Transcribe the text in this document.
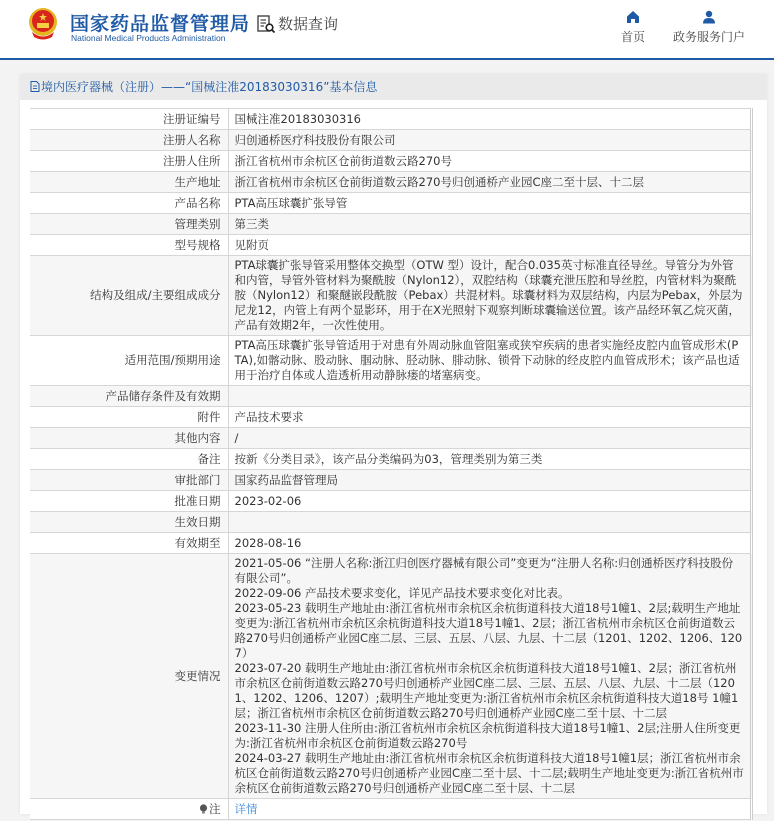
国家药品监督管理局
National Medical Products Administration
数据查询
首页 政务服务门户
境内医疗器械（注册）——“国械注准20183030316”基本信息
注册证编号	国械注准20183030316
注册人名称	归创通桥医疗科技股份有限公司
注册人住所	浙江省杭州市余杭区仓前街道数云路270号
生产地址	浙江省杭州市余杭区仓前街道数云路270号归创通桥产业园C座二至十层、十二层
产品名称	PTA高压球囊扩张导管
管理类别	第三类
型号规格	见附页
结构及组成/主要组成成分	PTA球囊扩张导管采用整体交换型（OTW 型）设计，配合0.035英寸标准直径导丝。导管分为外管和内管，导管外管材料为聚酰胺（Nylon12），双腔结构（球囊充泄压腔和导丝腔，内管材料为聚酰胺（Nylon12）和聚醚嵌段酰胺（Pebax）共混材料。球囊材料为双层结构，内层为Pebax，外层为尼龙12，内管上有两个显影环，用于在X光照射下观察判断球囊输送位置。该产品经环氧乙烷灭菌，产品有效期2年，一次性使用。
适用范围/预期用途	PTA高压球囊扩张导管适用于对患有外周动脉血管阻塞或狭窄疾病的患者实施经皮腔内血管成形术(PTA),如髂动脉、股动脉、腘动脉、胫动脉、腓动脉、锁骨下动脉的经皮腔内血管成形术；该产品也适用于治疗自体或人造透析用动静脉瘘的堵塞病变。
产品储存条件及有效期	
附件	产品技术要求
其他内容	/
备注	按新《分类目录》，该产品分类编码为03，管理类别为第三类
审批部门	国家药品监督管理局
批准日期	2023-02-06
生效日期	
有效期至	2028-08-16
变更情况	
2021-05-06 “注册人名称:浙江归创医疗器械有限公司”变更为“注册人名称:归创通桥医疗科技股份有限公司”。
2022-09-06 产品技术要求变化，详见产品技术要求变化对比表。
2023-05-23 载明生产地址由:浙江省杭州市余杭区余杭街道科技大道18号1幢1、2层;载明生产地址变更为:浙江省杭州市余杭区余杭街道科技大道18号1幢1、2层；浙江省杭州市余杭区仓前街道数云路270号归创通桥产业园C座二层、三层、五层、八层、九层、十二层（1201、1202、1206、1207）
2023-07-20 载明生产地址由:浙江省杭州市余杭区余杭街道科技大道18号1幢1、2层；浙江省杭州市余杭区仓前街道数云路270号归创通桥产业园C座二层、三层、五层、八层、九层、十二层（1201、1202、1206、1207）;载明生产地址变更为:浙江省杭州市余杭区余杭街道科技大道18号 1幢1层；浙江省杭州市余杭区仓前街道数云路270号归创通桥产业园C座二至十层、十二层
2023-11-30 注册人住所由:浙江省杭州市余杭区余杭街道科技大道18号1幢1、2层;注册人住所变更为:浙江省杭州市余杭区仓前街道数云路270号
2024-03-27 载明生产地址由:浙江省杭州市余杭区余杭街道科技大道18号1幢1层；浙江省杭州市余杭区仓前街道数云路270号归创通桥产业园C座二至十层、十二层;载明生产地址变更为:浙江省杭州市余杭区仓前街道数云路270号归创通桥产业园C座二至十层、十二层

注	详情
